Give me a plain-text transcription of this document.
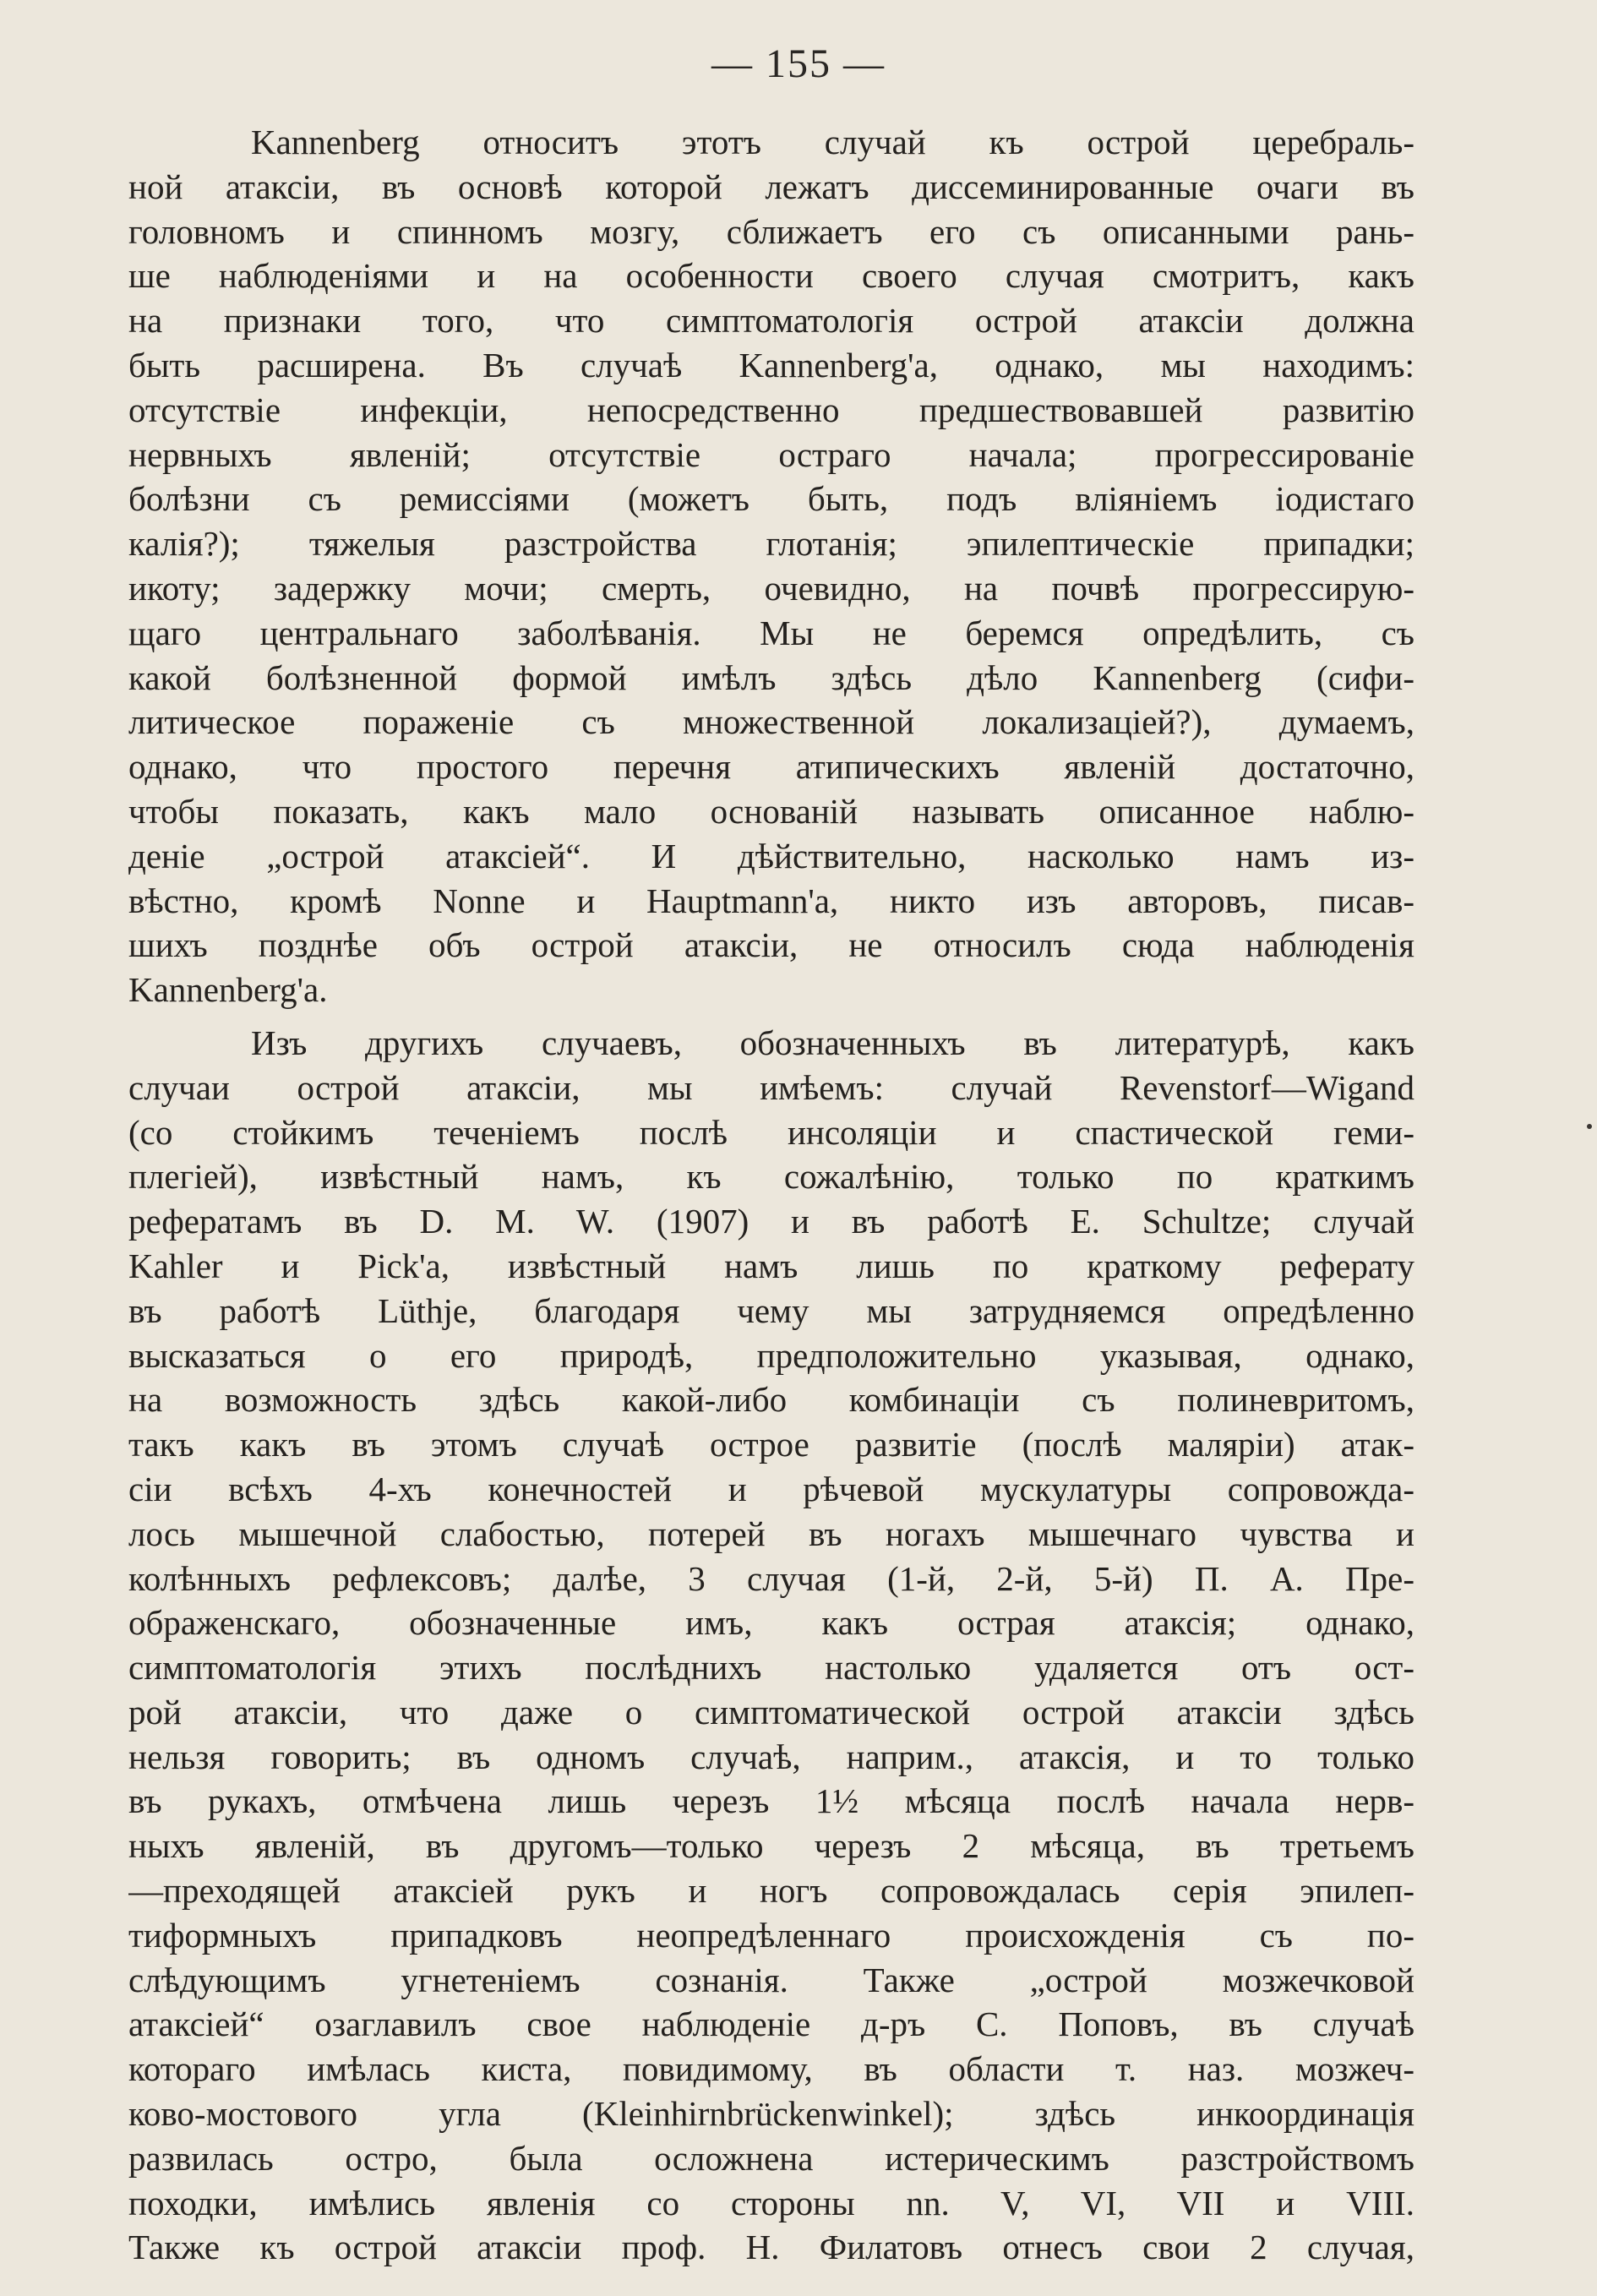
— 155 —
Kannenberg относитъ этотъ случай къ острой церебраль-
ной атаксіи, въ основѣ которой лежатъ диссеминированные очаги въ
головномъ и спинномъ мозгу, сближаетъ его съ описанными рань-
ше наблюденіями и на особенности своего случая смотритъ, какъ
на признаки того, что симптоматологія острой атаксіи должна
быть расширена. Въ случаѣ Kannenberg'a, однако, мы находимъ:
отсутствіе инфекціи, непосредственно предшествовавшей развитію
нервныхъ явленій; отсутствіе остраго начала; прогрессированіе
болѣзни съ ремиссіями (можетъ быть, подъ вліяніемъ іодистаго
калія?); тяжелыя разстройства глотанія; эпилептическіе припадки;
икоту; задержку мочи; смерть, очевидно, на почвѣ прогрессирую-
щаго центральнаго заболѣванія. Мы не беремся опредѣлить, съ
какой болѣзненной формой имѣлъ здѣсь дѣло Kannenberg (сифи-
литическое пораженіе съ множественной локализаціей?), думаемъ,
однако, что простого перечня атипическихъ явленій достаточно,
чтобы показать, какъ мало основаній называть описанное наблю-
деніе „острой атаксіей“. И дѣйствительно, насколько намъ из-
вѣстно, кромѣ Nonne и Hauptmann'a, никто изъ авторовъ, писав-
шихъ позднѣе объ острой атаксіи, не относилъ сюда наблюденія
Kannenberg'a.
Изъ другихъ случаевъ, обозначенныхъ въ литературѣ, какъ
случаи острой атаксіи, мы имѣемъ: случай Revenstorf—Wigand
(со стойкимъ теченіемъ послѣ инсоляціи и спастической геми-
плегіей), извѣстный намъ, къ сожалѣнію, только по краткимъ
рефератамъ въ D. M. W. (1907) и въ работѣ E. Schultze; случай
Kahler и Pick'a, извѣстный намъ лишь по краткому реферату
въ работѣ Lüthje, благодаря чему мы затрудняемся опредѣленно
высказаться о его природѣ, предположительно указывая, однако,
на возможность здѣсь какой-либо комбинаціи съ полиневритомъ,
такъ какъ въ этомъ случаѣ острое развитіе (послѣ маляріи) атак-
сіи всѣхъ 4-хъ конечностей и рѣчевой мускулатуры сопровожда-
лось мышечной слабостью, потерей въ ногахъ мышечнаго чувства и
колѣнныхъ рефлексовъ; далѣе, 3 случая (1-й, 2-й, 5-й) П. А. Пре-
ображенскаго, обозначенные имъ, какъ острая атаксія; однако,
симптоматологія этихъ послѣднихъ настолько удаляется отъ ост-
рой атаксіи, что даже о симптоматической острой атаксіи здѣсь
нельзя говорить; въ одномъ случаѣ, наприм., атаксія, и то только
въ рукахъ, отмѣчена лишь черезъ 1½ мѣсяца послѣ начала нерв-
ныхъ явленій, въ другомъ—только черезъ 2 мѣсяца, въ третьемъ
—преходящей атаксіей рукъ и ногъ сопровождалась серія эпилеп-
тиформныхъ припадковъ неопредѣленнаго происхожденія съ по-
слѣдующимъ угнетеніемъ сознанія. Также „острой мозжечковой
атаксіей“ озаглавилъ свое наблюденіе д-ръ С. Поповъ, въ случаѣ
котораго имѣлась киста, повидимому, въ области т. наз. мозжеч-
ково-мостового угла (Kleinhirnbrückenwinkel); здѣсь инкоординація
развилась остро, была осложнена истерическимъ разстройствомъ
походки, имѣлись явленія со стороны nn. V, VI, VII и VIII.
Также къ острой атаксіи проф. Н. Филатовъ отнесъ свои 2 случая,
